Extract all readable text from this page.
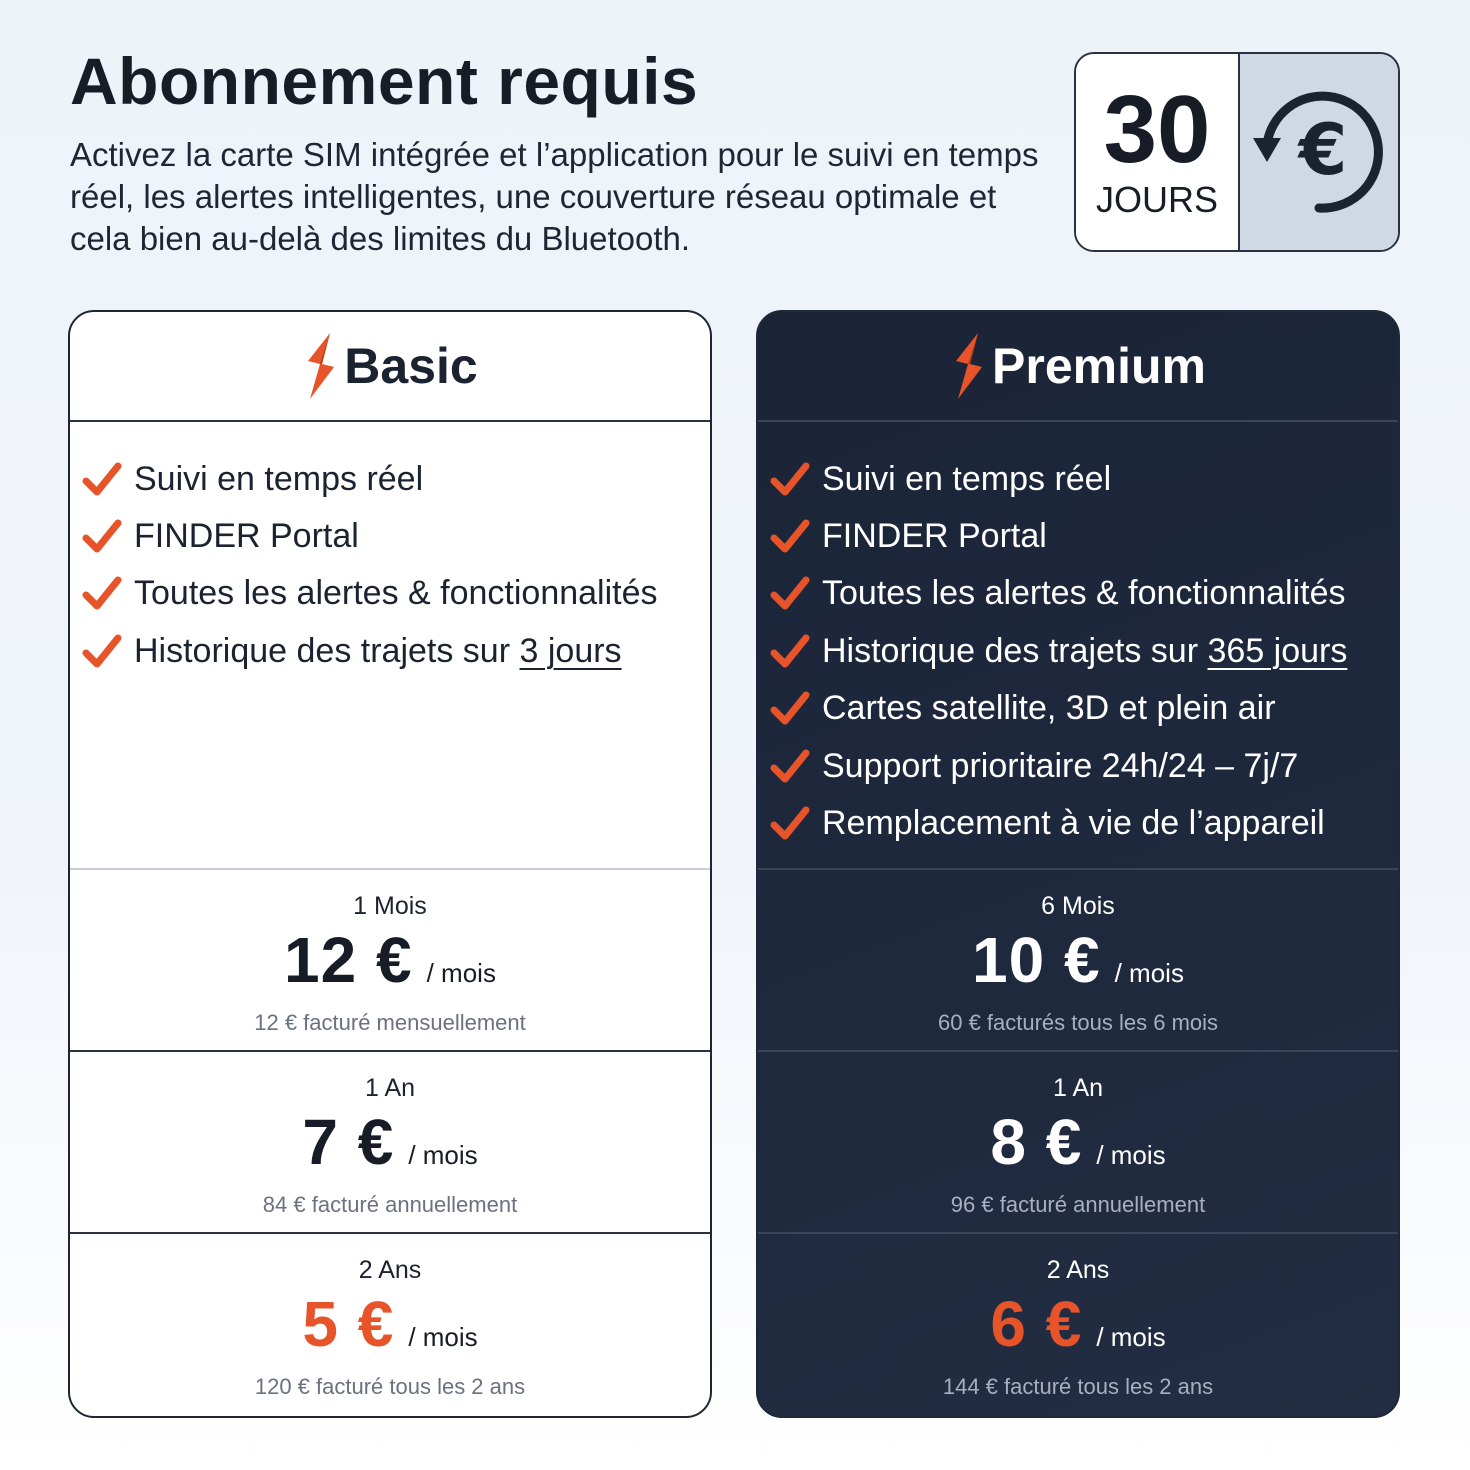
Abonnement requis

Activez la carte SIM intégrée et l’application pour le suivi en temps réel, les alertes intelligentes, une couverture réseau optimale et cela bien au-delà des limites du Bluetooth.

30
JOURS
€
Basic
Suivi en temps réel
FINDER Portal
Toutes les alertes & fonctionnalités
Historique des trajets sur 3 jours
1 Mois
12 € / mois
12 € facturé mensuellement
1 An
7 € / mois
84 € facturé annuellement
2 Ans
5 € / mois
120 € facturé tous les 2 ans
Premium
Suivi en temps réel
FINDER Portal
Toutes les alertes & fonctionnalités
Historique des trajets sur 365 jours
Cartes satellite, 3D et plein air
Support prioritaire 24h/24 – 7j/7
Remplacement à vie de l’appareil
6 Mois
10 € / mois
60 € facturés tous les 6 mois
1 An
8 € / mois
96 € facturé annuellement
2 Ans
6 € / mois
144 € facturé tous les 2 ans
